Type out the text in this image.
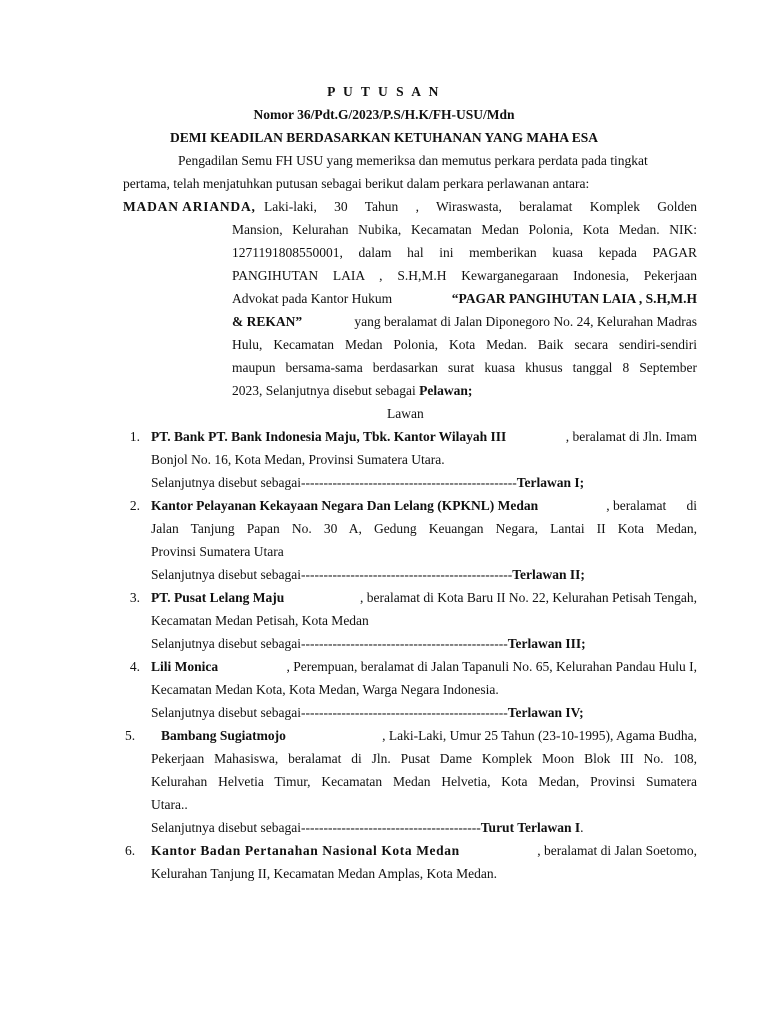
P U T U S A N
Nomor 36/Pdt.G/2023/P.S/H.K/FH-USU/Mdn
DEMI KEADILAN BERDASARKAN KETUHANAN YANG MAHA ESA
Pengadilan Semu FH USU yang memeriksa dan memutus perkara perdata pada tingkat
pertama, telah menjatuhkan putusan sebagai berikut dalam perkara perlawanan antara:
MADAN ARIANDA, Laki-laki, 30 Tahun , Wiraswasta, beralamat Komplek Golden
Mansion, Kelurahan Nubika, Kecamatan Medan Polonia, Kota Medan. NIK:
1271191808550001, dalam hal ini memberikan kuasa kepada PAGAR
PANGIHUTAN LAIA , S.H,M.H Kewarganegaraan Indonesia, Pekerjaan
Advokat pada Kantor Hukum	“PAGAR PANGIHUTAN LAIA , S.H,M.H
& REKAN”	yang beralamat di Jalan Diponegoro No. 24, Kelurahan Madras
Hulu, Kecamatan Medan Polonia, Kota Medan. Baik secara sendiri-sendiri
maupun bersama-sama berdasarkan surat kuasa khusus tanggal 8 September
2023, Selanjutnya disebut sebagai Pelawan;
Lawan
1. PT. Bank PT. Bank Indonesia Maju, Tbk. Kantor Wilayah III	, beralamat di Jln. Imam
Bonjol No. 16, Kota Medan, Provinsi Sumatera Utara.
Selanjutnya disebut sebagai------------------------------------------------Terlawan I;
2. Kantor Pelayanan Kekayaan Negara Dan Lelang (KPKNL) Medan	, beralamat      di
Jalan Tanjung Papan No. 30 A, Gedung Keuangan Negara, Lantai II Kota Medan,
Provinsi Sumatera Utara
Selanjutnya disebut sebagai-----------------------------------------------Terlawan II;
3. PT. Pusat Lelang Maju	, beralamat di Kota Baru II No. 22, Kelurahan Petisah Tengah,
Kecamatan Medan Petisah, Kota Medan
Selanjutnya disebut sebagai----------------------------------------------Terlawan III;
4. Lili Monica	, Perempuan, beralamat di Jalan Tapanuli No. 65, Kelurahan Pandau Hulu I,
Kecamatan Medan Kota, Kota Medan, Warga Negara Indonesia.
Selanjutnya disebut sebagai----------------------------------------------Terlawan IV;
5. Bambang Sugiatmojo	, Laki-Laki, Umur 25 Tahun (23-10-1995), Agama Budha,
Pekerjaan Mahasiswa, beralamat di Jln. Pusat Dame Komplek Moon Blok III No. 108,
Kelurahan Helvetia Timur, Kecamatan Medan Helvetia, Kota Medan, Provinsi Sumatera
Utara..
Selanjutnya disebut sebagai----------------------------------------Turut Terlawan I.
6. Kantor Badan Pertanahan Nasional Kota Medan	, beralamat di Jalan Soetomo,
Kelurahan Tanjung II, Kecamatan Medan Amplas, Kota Medan.
